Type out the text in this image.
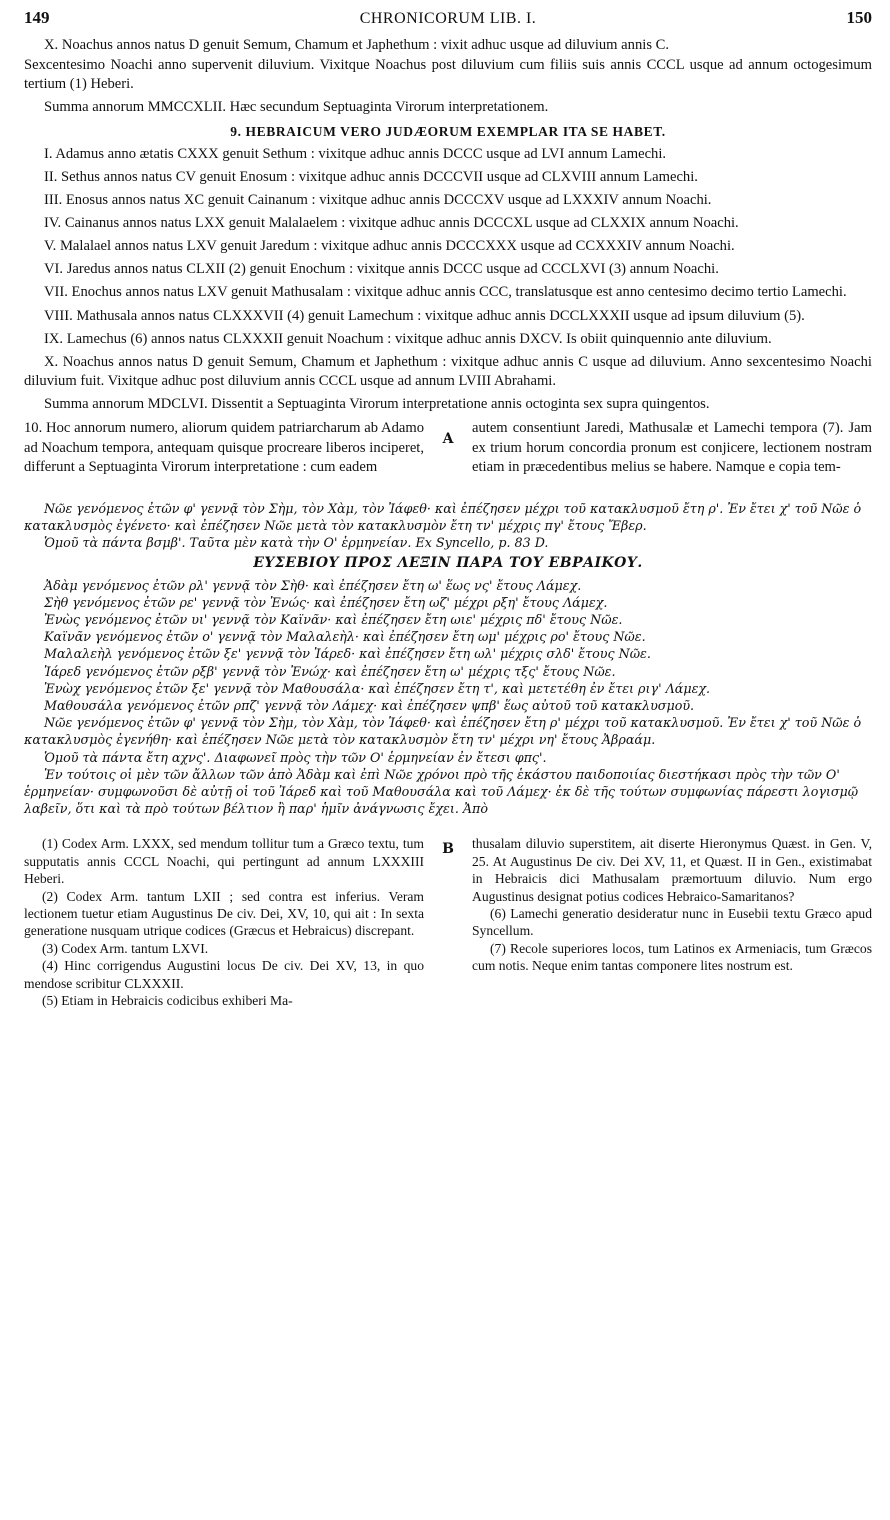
149	CHRONICORUM LIB. I.	150

X. Noachus annos natus D genuit Semum, Chamum et Japhethum : vixit adhuc usque ad diluvium annis C.

Sexcentesimo Noachi anno supervenit diluvium. Vixitque Noachus post diluvium cum filiis suis annis CCCL usque ad annum octogesimum tertium (1) Heberi.

Summa annorum MMCCXLII. Hæc secundum Septuaginta Virorum interpretationem.

9. HEBRAICUM VERO JUDÆORUM EXEMPLAR ITA SE HABET.

I. Adamus anno ætatis CXXX genuit Sethum : vixitque adhuc annis DCCC usque ad LVI annum Lamechi.

II. Sethus annos natus CV genuit Enosum : vixitque adhuc annis DCCCVII usque ad CLXVIII annum Lamechi.

III. Enosus annos natus XC genuit Cainanum : vixitque adhuc annis DCCCXV usque ad LXXXIV annum Noachi.

IV. Cainanus annos natus LXX genuit Malalaelem : vixitque adhuc annis DCCCXL usque ad CLXXIX annum Noachi.

V. Malalael annos natus LXV genuit Jaredum : vixitque adhuc annis DCCCXXX usque ad CCXXXIV annum Noachi.

VI. Jaredus annos natus CLXII (2) genuit Enochum : vixitque annis DCCC usque ad CCCLXVI (3) annum Noachi.

VII. Enochus annos natus LXV genuit Mathusalam : vixitque adhuc annis CCC, translatusque est anno centesimo decimo tertio Lamechi.

VIII. Mathusala annos natus CLXXXVII (4) genuit Lamechum : vixitque adhuc annis DCCLXXXII usque ad ipsum diluvium (5).

IX. Lamechus (6) annos natus CLXXXII genuit Noachum : vixitque adhuc annis DXCV. Is obiit quinquennio ante diluvium.

X. Noachus annos natus D genuit Semum, Chamum et Japhethum : vixitque adhuc annis C usque ad diluvium. Anno sexcentesimo Noachi diluvium fuit. Vixitque adhuc post diluvium annis CCCL usque ad annum LVIII Abrahami.

Summa annorum MDCLVI. Dissentit a Septuaginta Virorum interpretatione annis octoginta sex supra quingentos.

10. Hoc annorum numero, aliorum quidem patriarcharum ab Adamo ad Noachum tempora, antequam quisque procreare liberos inciperet, differunt a Septuaginta Virorum interpretatione : cum eadem
A
autem consentiunt Jaredi, Mathusalæ et Lamechi tempora (7). Jam ex trium horum concordia pronum est conjicere, lectionem nostram etiam in præcedentibus melius se habere. Namque e copia tem-

Νῶε γενόμενος ἐτῶν φ' γεννᾷ τὸν Σὴμ, τὸν Χὰμ, τὸν Ἰάφεθ· καὶ ἐπέζησεν μέχρι τοῦ κατακλυσμοῦ ἔτη ρ'. Ἐν ἔτει χ' τοῦ Νῶε ὁ κατακλυσμὸς ἐγένετο· καὶ ἐπέζησεν Νῶε μετὰ τὸν κατακλυσμὸν ἔτη τν' μέχρις πγ' ἔτους Ἔβερ.

Ὁμοῦ τὰ πάντα βσμβ'. Ταῦτα μὲν κατὰ τὴν Ο' ἑρμηνείαν. Ex Syncello, p. 83 D.

ΕΥΣΕΒΙΟΥ ΠΡΟΣ ΛΕΞΙΝ ΠΑΡΑ ΤΟΥ ΕΒΡΑΙΚΟΥ.

Ἀδὰμ γενόμενος ἐτῶν ρλ' γεννᾷ τὸν Σὴθ· καὶ ἐπέζησεν ἔτη ω' ἕως νς' ἔτους Λάμεχ.

Σὴθ γενόμενος ἐτῶν ρε' γεννᾷ τὸν Ἐνώς· καὶ ἐπέζησεν ἔτη ωζ' μέχρι ρξη' ἔτους Λάμεχ.

Ἐνὼς γενόμενος ἐτῶν υι' γεννᾷ τὸν Καϊνᾶν· καὶ ἐπέζησεν ἔτη ωιε' μέχρις πδ' ἔτους Νῶε.

Καϊνᾶν γενόμενος ἐτῶν ο' γεννᾷ τὸν Μαλαλεὴλ· καὶ ἐπέζησεν ἔτη ωμ' μέχρις ρο' ἔτους Νῶε.

Μαλαλεὴλ γενόμενος ἐτῶν ξε' γεννᾷ τὸν Ἰάρεδ· καὶ ἐπέζησεν ἔτη ωλ' μέχρις σλδ' ἔτους Νῶε.

Ἰάρεδ γενόμενος ἐτῶν ρξβ' γεννᾷ τὸν Ἐνώχ· καὶ ἐπέζησεν ἔτη ω' μέχρις τξς' ἔτους Νῶε.

Ἐνὼχ γενόμενος ἐτῶν ξε' γεννᾷ τὸν Μαθουσάλα· καὶ ἐπέζησεν ἔτη τ', καὶ μετετέθη ἐν ἔτει ριγ' Λάμεχ.

Μαθουσάλα γενόμενος ἐτῶν ρπζ' γεννᾷ τὸν Λάμεχ· καὶ ἐπέζησεν ψπβ' ἕως αὐτοῦ τοῦ κατακλυσμοῦ.

Νῶε γενόμενος ἐτῶν φ' γεννᾷ τὸν Σὴμ, τὸν Χὰμ, τὸν Ἰάφεθ· καὶ ἐπέζησεν ἔτη ρ' μέχρι τοῦ κατακλυσμοῦ. Ἐν ἔτει χ' τοῦ Νῶε ὁ κατακλυσμὸς ἐγενήθη· καὶ ἐπέζησεν Νῶε μετὰ τὸν κατακλυσμὸν ἔτη τν' μέχρι νη' ἔτους Ἀβραάμ.

Ὁμοῦ τὰ πάντα ἔτη αχνς'. Διαφωνεῖ πρὸς τὴν τῶν Ο' ἑρμηνείαν ἐν ἔτεσι φπς'.

Ἐν τούτοις οἱ μὲν τῶν ἄλλων τῶν ἀπὸ Ἀδὰμ καὶ ἐπὶ Νῶε χρόνοι πρὸ τῆς ἑκάστου παιδοποιίας διεστήκασι πρὸς τὴν τῶν Ο' ἑρμηνείαν· συμφωνοῦσι δὲ αὐτῇ οἱ τοῦ Ἰάρεδ καὶ τοῦ Μαθουσάλα καὶ τοῦ Λάμεχ· ἐκ δὲ τῆς τούτων συμφωνίας πάρεστι λογισμῷ λαβεῖν, ὅτι καὶ τὰ πρὸ τούτων βέλτιον ἢ παρ' ἡμῖν ἀνάγνωσις ἔχει. Ἀπὸ

(1) Codex Arm. LXXX, sed mendum tollitur tum a Græco textu, tum supputatis annis CCCL Noachi, qui pertingunt ad annum LXXXIII Heberi.

(2) Codex Arm. tantum LXII ; sed contra est inferius. Veram lectionem tuetur etiam Augustinus De civ. Dei, XV, 10, qui ait : In sexta generatione nusquam utrique codices (Græcus et Hebraicus) discrepant.

(3) Codex Arm. tantum LXVI.

(4) Hinc corrigendus Augustini locus De civ. Dei XV, 13, in quo mendose scribitur CLXXXII.

(5) Etiam in Hebraicis codicibus exhiberi Ma-

B	thusalam diluvio superstitem, ait diserte Hieronymus Quæst. in Gen. V, 25. At Augustinus De civ. Dei XV, 11, et Quæst. II in Gen., existimabat in Hebraicis dici Mathusalam præmortuum diluvio. Num ergo Augustinus designat potius codices Hebraico-Samaritanos?

(6) Lamechi generatio desideratur nunc in Eusebii textu Græco apud Syncellum.

(7) Recole superiores locos, tum Latinos ex Armeniacis, tum Græcos cum notis. Neque enim tantas componere lites nostrum est.
